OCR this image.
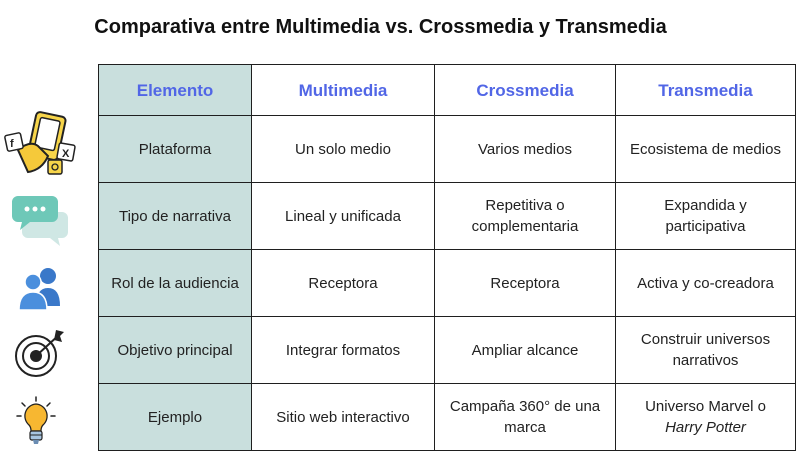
Comparativa entre Multimedia vs. Crossmedia y Transmedia
f
X
Elemento	Multimedia	Crossmedia	Transmedia
Plataforma	Un solo medio	Varios medios	Ecosistema de medios
Tipo de narrativa	Lineal y unificada	Repetitiva o complementaria	Expandida y participativa
Rol de la audiencia	Receptora	Receptora	Activa y co-creadora
Objetivo principal	Integrar formatos	Ampliar alcance	Construir universos narrativos
Ejemplo	Sitio web interactivo	Campaña 360° de una marca	Universo Marvel o
Harry Potter
